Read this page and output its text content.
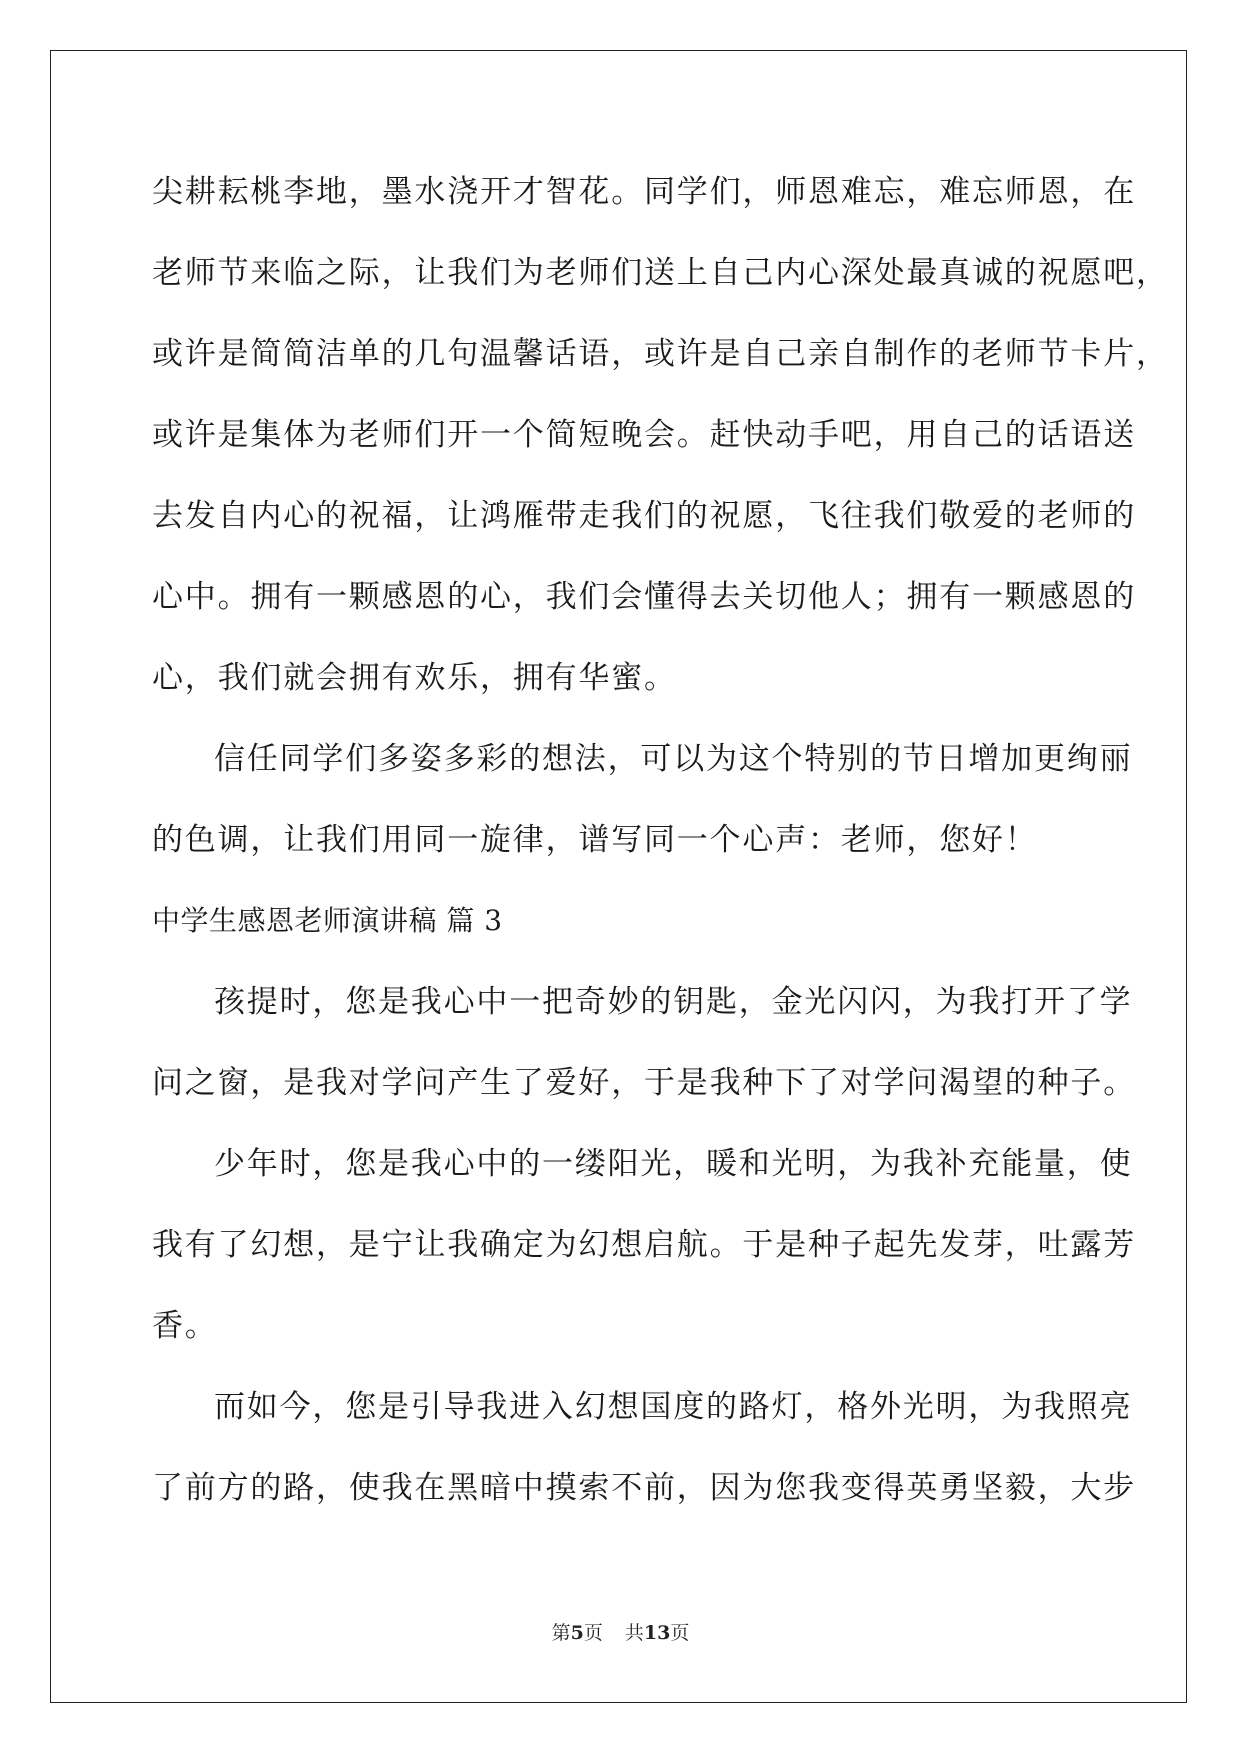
尖耕耘桃李地，墨水浇开才智花。同学们，师恩难忘，难忘师恩，在
老师节来临之际，让我们为老师们送上自己内心深处最真诚的祝愿吧，
或许是简简洁单的几句温馨话语，或许是自己亲自制作的老师节卡片，
或许是集体为老师们开一个简短晚会。赶快动手吧，用自己的话语送
去发自内心的祝福，让鸿雁带走我们的祝愿，飞往我们敬爱的老师的
心中。拥有一颗感恩的心，我们会懂得去关切他人；拥有一颗感恩的
心，我们就会拥有欢乐，拥有华蜜。
信任同学们多姿多彩的想法，可以为这个特别的节日增加更绚丽
的色调，让我们用同一旋律，谱写同一个心声：老师，您好！
中学生感恩老师演讲稿 篇 3
孩提时，您是我心中一把奇妙的钥匙，金光闪闪，为我打开了学
问之窗，是我对学问产生了爱好，于是我种下了对学问渴望的种子。
少年时，您是我心中的一缕阳光，暖和光明，为我补充能量，使
我有了幻想，是宁让我确定为幻想启航。于是种子起先发芽，吐露芳
香。
而如今，您是引导我进入幻想国度的路灯，格外光明，为我照亮
了前方的路，使我在黑暗中摸索不前，因为您我变得英勇坚毅，大步
第5页 共13页
